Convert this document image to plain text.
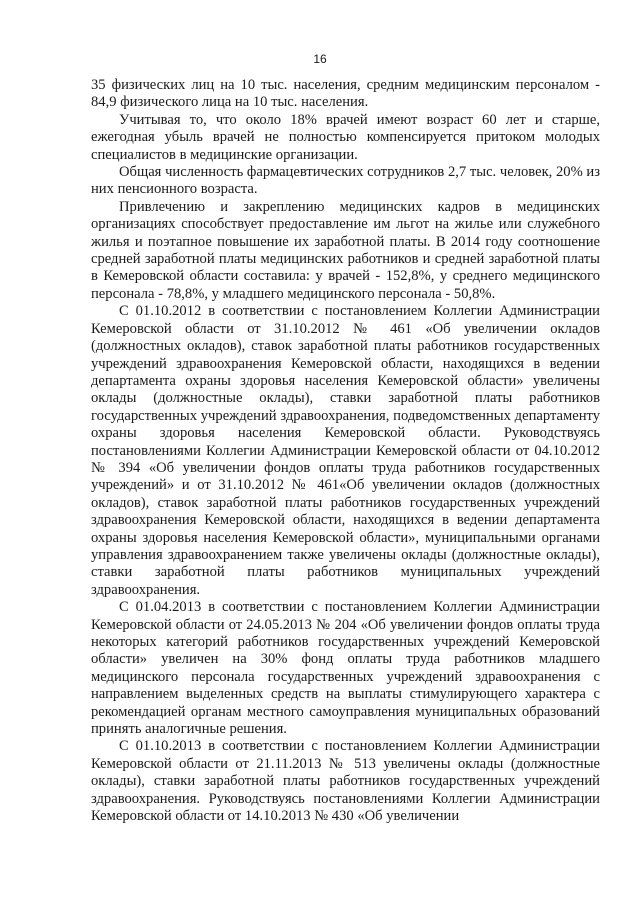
16

35 физических лиц на 10 тыс. населения, средним медицинским персоналом - 84,9 физического лица на 10 тыс. населения.

Учитывая то, что около 18% врачей имеют возраст 60 лет и старше, ежегодная убыль врачей не полностью компенсируется притоком молодых специалистов в медицинские организации.

Общая численность фармацевтических сотрудников 2,7 тыс. человек, 20% из них пенсионного возраста.

Привлечению и закреплению медицинских кадров в медицинских организациях способствует предоставление им льгот на жилье или служебного жилья и поэтапное повышение их заработной платы. В 2014 году соотношение средней заработной платы медицинских работников и средней заработной платы в Кемеровской области составила: у врачей - 152,8%, у среднего медицинского персонала - 78,8%, у младшего медицинского персонала - 50,8%.

С 01.10.2012 в соответствии с постановлением Коллегии Администрации Кемеровской области от 31.10.2012 № 461 «Об увеличении окладов (должностных окладов), ставок заработной платы работников государственных учреждений здравоохранения Кемеровской области, находящихся в ведении департамента охраны здоровья населения Кемеровской области» увеличены оклады (должностные оклады), ставки заработной платы работников государственных учреждений здравоохранения, подведомственных департаменту охраны здоровья населения Кемеровской области. Руководствуясь постановлениями Коллегии Администрации Кемеровской области от 04.10.2012 № 394 «Об увеличении фондов оплаты труда работников государственных учреждений» и от 31.10.2012 № 461«Об увеличении окладов (должностных окладов), ставок заработной платы работников государственных учреждений здравоохранения Кемеровской области, находящихся в ведении департамента охраны здоровья населения Кемеровской области», муниципальными органами управления здравоохранением также увеличены оклады (должностные оклады), ставки заработной платы работников муниципальных учреждений здравоохранения.

С 01.04.2013 в соответствии с постановлением Коллегии Администрации Кемеровской области от 24.05.2013 № 204 «Об увеличении фондов оплаты труда некоторых категорий работников государственных учреждений Кемеровской области» увеличен на 30% фонд оплаты труда работников младшего медицинского персонала государственных учреждений здравоохранения с направлением выделенных средств на выплаты стимулирующего характера с рекомендацией органам местного самоуправления муниципальных образований принять аналогичные решения.

С 01.10.2013 в соответствии с постановлением Коллегии Администрации Кемеровской области от 21.11.2013 № 513 увеличены оклады (должностные оклады), ставки заработной платы работников государственных учреждений здравоохранения. Руководствуясь постановлениями Коллегии Администрации Кемеровской области от 14.10.2013 № 430 «Об увеличении
